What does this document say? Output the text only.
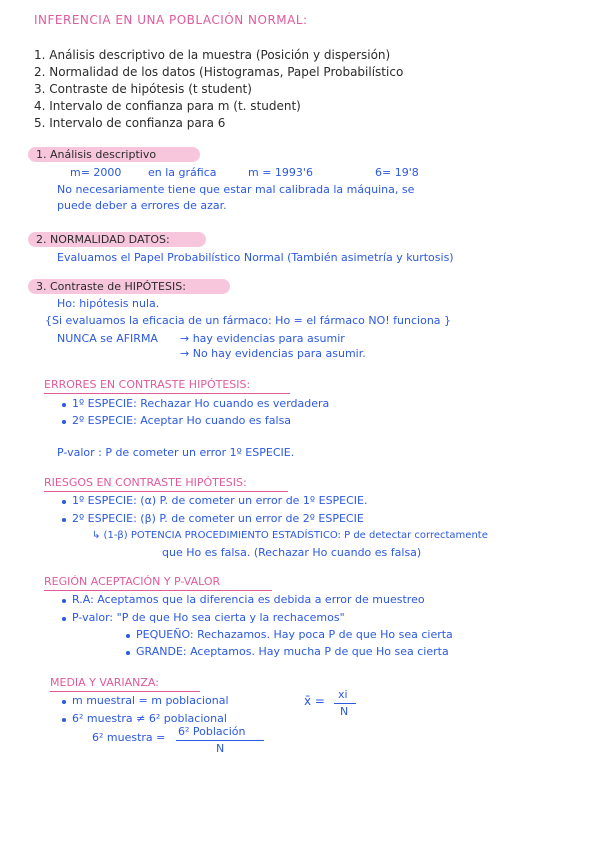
INFERENCIA EN UNA POBLACIÓN NORMAL:
1. Análisis descriptivo de la muestra (Posición y dispersión)
2. Normalidad de los datos (Histogramas, Papel Probabilístico
3. Contraste de hipótesis (t student)
4. Intervalo de confianza para m (t. student)
5. Intervalo de confianza para 6
1. Análisis descriptivo
m= 2000 en la gráfica	m = 1993'6	6= 19'8
No necesariamente tiene que estar mal calibrada la máquina, se
puede deber a errores de azar.
2. NORMALIDAD DATOS:
Evaluamos el Papel Probabilístico Normal (También asimetría y kurtosis)
3. Contraste de HIPÓTESIS:
Ho: hipótesis nula.
{Si evaluamos la eficacia de un fármaco: Ho = el fármaco NO! funciona }
NUNCA se AFIRMA → hay evidencias para asumir
→ No hay evidencias para asumir.
ERRORES EN CONTRASTE HIPÓTESIS:
1º ESPECIE: Rechazar Ho cuando es verdadera
2º ESPECIE: Aceptar Ho cuando es falsa
P-valor : P de cometer un error 1º ESPECIE.
RIESGOS EN CONTRASTE HIPÓTESIS:
1º ESPECIE: (α) P. de cometer un error de 1º ESPECIE.
2º ESPECIE: (β) P. de cometer un error de 2º ESPECIE
↳ (1-β) POTENCIA PROCEDIMIENTO ESTADÍSTICO: P de detectar correctamente
que Ho es falsa. (Rechazar Ho cuando es falsa)
REGIÓN ACEPTACIÓN Y P-VALOR
R.A: Aceptamos que la diferencia es debida a error de muestreo
P-valor: "P de que Ho sea cierta y la rechacemos"
PEQUEÑO: Rechazamos. Hay poca P de que Ho sea cierta
GRANDE: Aceptamos. Hay mucha P de que Ho sea cierta
MEDIA Y VARIANZA:
m muestral = m poblacional
6² muestra ≠ 6² poblacional
6² muestra = 6² Población
N
x̄ = xi
N
